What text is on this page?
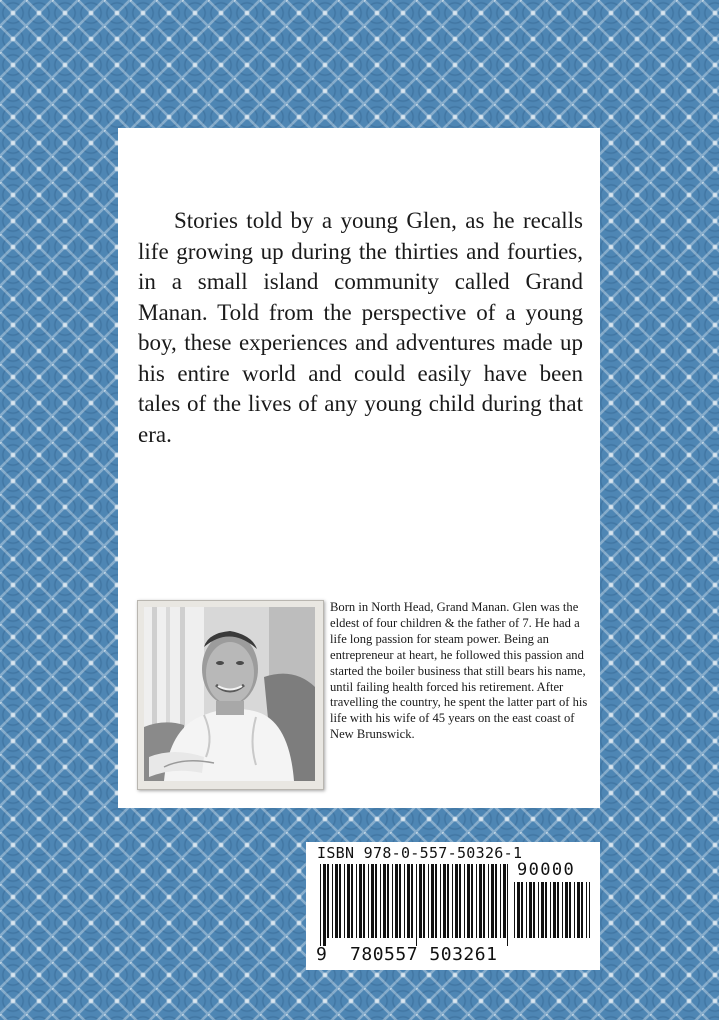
Stories told by a young Glen, as he recalls life growing up during the thirties and fourties, in a small island community called Grand Manan. Told from the perspective of a young boy, these experiences and adventures made up his entire world and could easily have been tales of the lives of any young child during that era.

Born in North Head, Grand Manan. Glen was the eldest of four children & the father of 7. He had a life long passion for steam power. Being an entrepreneur at heart, he followed this passion and started the boiler business that still bears his name, until failing health forced his retirement. After travelling the country, he spent the latter part of his life with his wife of 45 years on the east coast of New Brunswick.

ISBN 978-0-557-50326-1
90000
9 780557 503261
